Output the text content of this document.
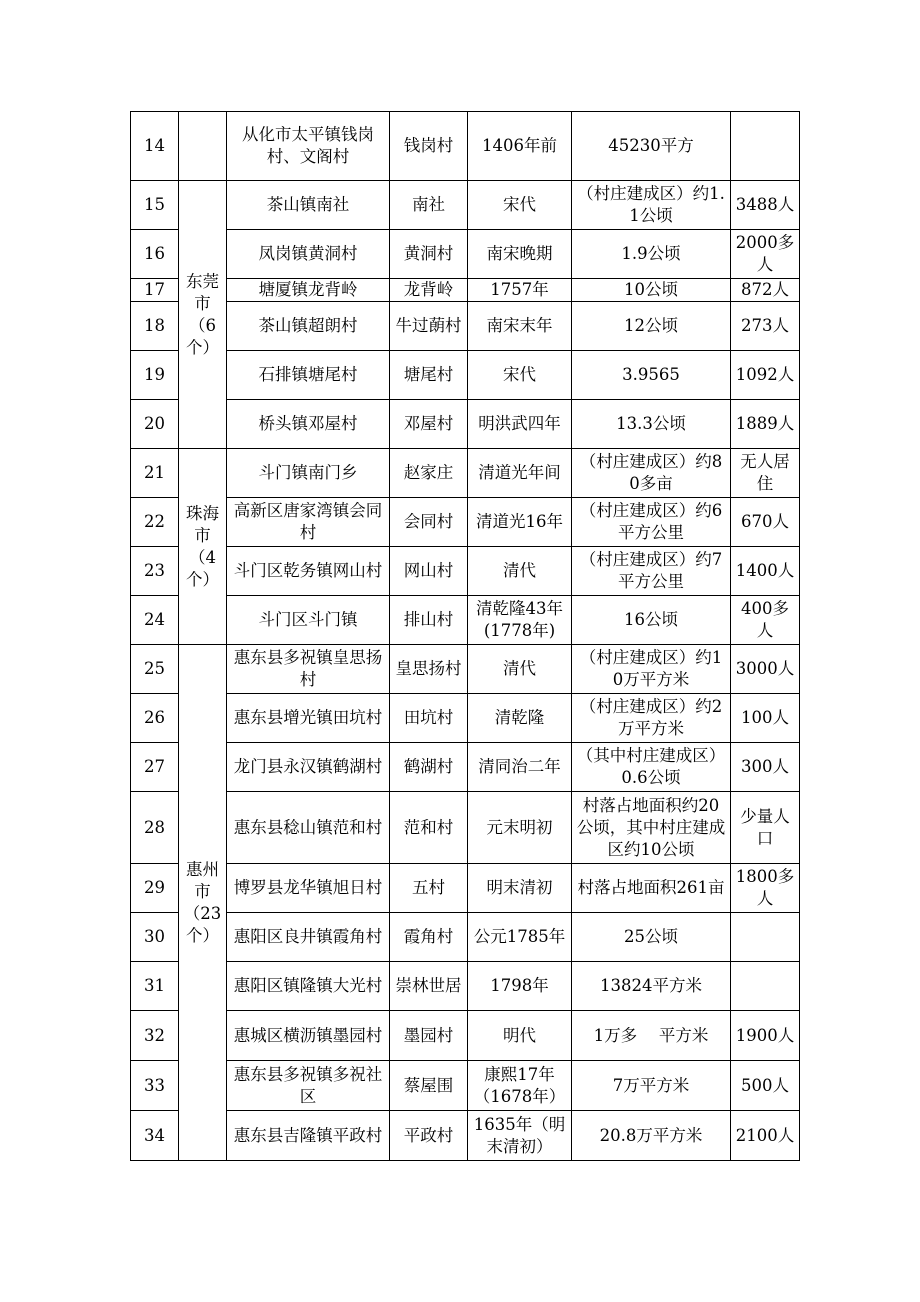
14		从化市太平镇钱岗村、文阁村	钱岗村	1406年前	45230平方	
15	东莞市（6个）	茶山镇南社	南社	宋代	（村庄建成区）约1.1公顷	3488人
16		凤岗镇黄洞村	黄洞村	南宋晚期	1.9公顷	2000多人
17		塘厦镇龙背岭	龙背岭	1757年	10公顷	872人
18		茶山镇超朗村	牛过蓢村	南宋末年	12公顷	273人
19		石排镇塘尾村	塘尾村	宋代	3.9565	1092人
20		桥头镇邓屋村	邓屋村	明洪武四年	13.3公顷	1889人
21	珠海市（4个）	斗门镇南门乡	赵家庄	清道光年间	（村庄建成区）约80多亩	无人居住
22		高新区唐家湾镇会同村	会同村	清道光16年	（村庄建成区）约6平方公里	670人
23		斗门区乾务镇网山村	网山村	清代	（村庄建成区）约7平方公里	1400人
24		斗门区斗门镇	排山村	清乾隆43年(1778年)	16公顷	400多人
25	惠州市（23个）	惠东县多祝镇皇思扬村	皇思扬村	清代	（村庄建成区）约10万平方米	3000人
26		惠东县增光镇田坑村	田坑村	清乾隆	（村庄建成区）约2万平方米	100人
27		龙门县永汉镇鹤湖村	鹤湖村	清同治二年	（其中村庄建成区）0.6公顷	300人
28		惠东县稔山镇范和村	范和村	元末明初	村落占地面积约20公顷，其中村庄建成区约10公顷	少量人口
29		博罗县龙华镇旭日村	五村	明末清初	村落占地面积261亩	1800多人
30		惠阳区良井镇霞角村	霞角村	公元1785年	25公顷	
31		惠阳区镇隆镇大光村	崇林世居	1798年	13824平方米	
32		惠城区横沥镇墨园村	墨园村	明代	1万多　 平方米	1900人
33		惠东县多祝镇多祝社区	蔡屋围	康熙17年（1678年）	7万平方米	500人
34		惠东县吉隆镇平政村	平政村	1635年（明末清初）	20.8万平方米	2100人
